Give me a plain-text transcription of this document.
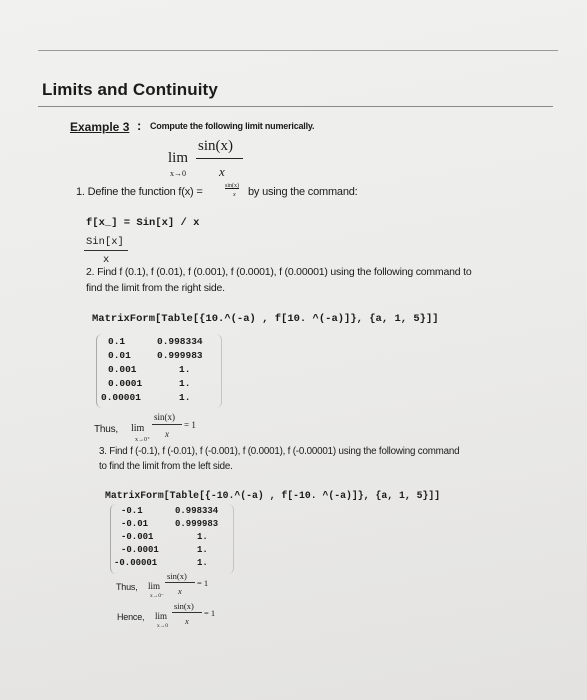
Limits and Continuity
Example 3 : Compute the following limit numerically.
lim
x→0
sin(x)
x
1. Define the function f(x) =	sin(x)
x by using the command:
f[x_] = Sin[x] / x
Sin[x]
x
2. Find f (0.1), f (0.01), f (0.001), f (0.0001), f (0.00001) using the following command to
find the limit from the right side.
MatrixForm[Table[{10.^(-a) , f[10. ^(-a)]}, {a, 1, 5}]]
0.1	0.998334
0.01	0.999983
0.001	1.
0.0001	1.
0.00001	1.
Thus, lim
x→0⁺
sin(x)
x
= 1
3. Find f (-0.1), f (-0.01), f (-0.001), f (0.0001), f (-0.00001) using the following command
to find the limit from the left side.
MatrixForm[Table[{-10.^(-a) , f[-10. ^(-a)]}, {a, 1, 5}]]
-0.1	0.998334
-0.01	0.999983
-0.001	1.
-0.0001	1.
-0.00001	1.
Thus, lim
x→0⁻
sin(x)
x
= 1
Hence, lim
x→0
sin(x)
x
= 1
